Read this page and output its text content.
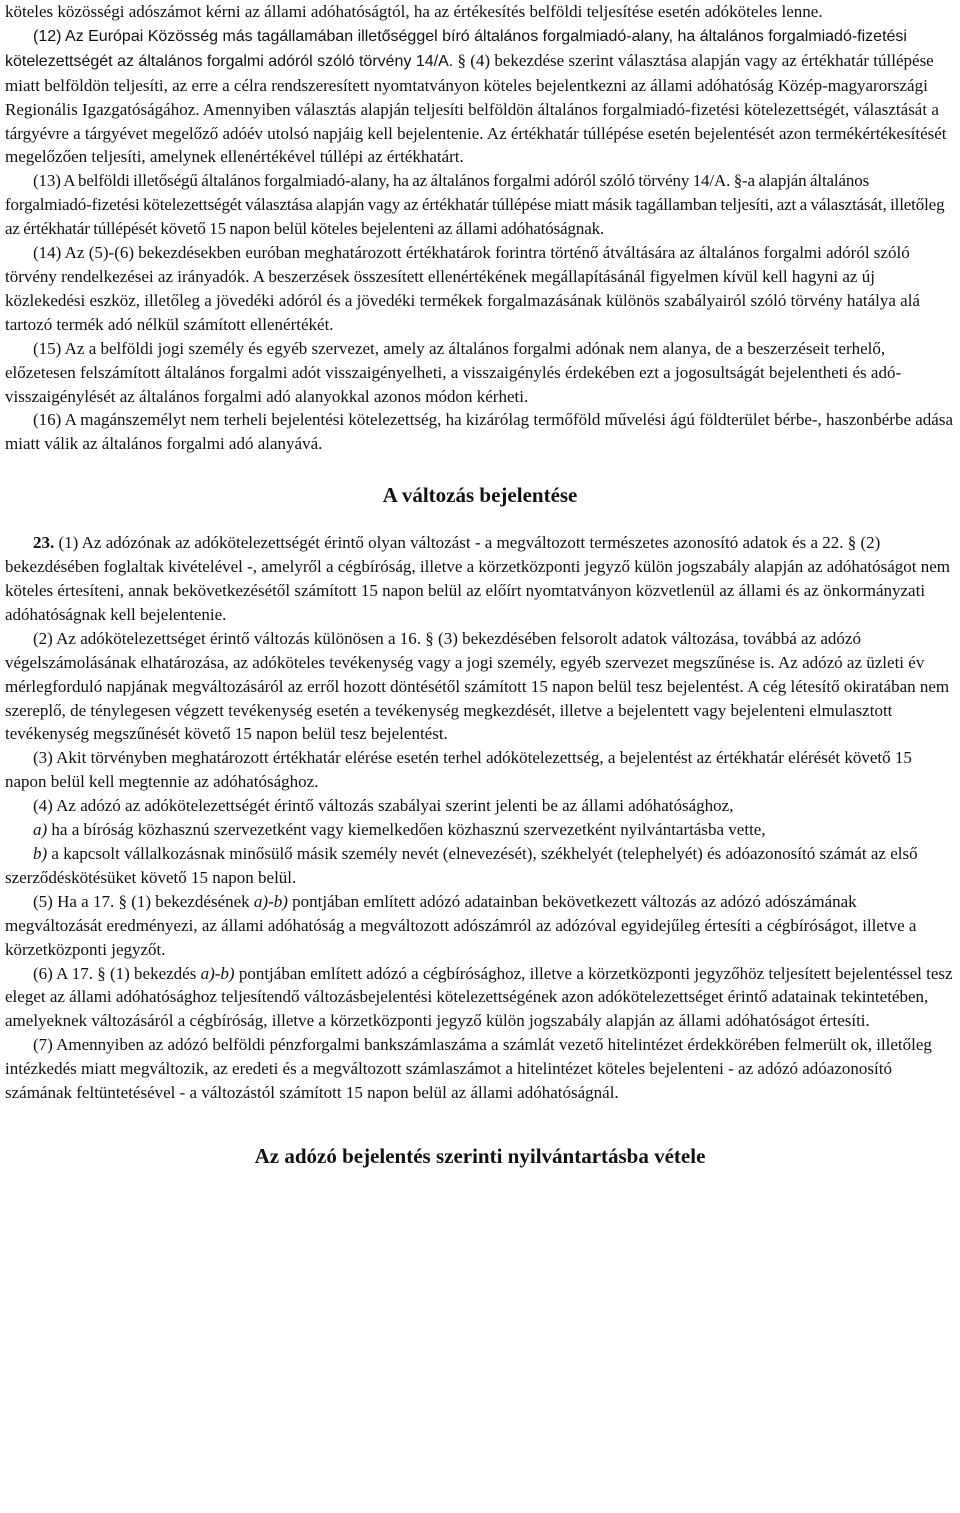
köteles közösségi adószámot kérni az állami adóhatóságtól, ha az értékesítés belföldi teljesítése esetén adóköteles lenne.

(12) Az Európai Közösség más tagállamában illetőséggel bíró általános forgalmiadó-alany, ha általános forgalmiadó-fizetési kötelezettségét az általános forgalmi adóról szóló törvény 14/A. § (4) bekezdése szerint választása alapján vagy az értékhatár túllépése miatt belföldön teljesíti, az erre a célra rendszeresített nyomtatványon köteles bejelentkezni az állami adóhatóság Közép-magyarországi Regionális Igazgatóságához. Amennyiben választás alapján teljesíti belföldön általános forgalmiadó-fizetési kötelezettségét, választását a tárgyévre a tárgyévet megelőző adóév utolsó napjáig kell bejelentenie. Az értékhatár túllépése esetén bejelentését azon termékértékesítését megelőzően teljesíti, amelynek ellenértékével túllépi az értékhatárt.

(13) A belföldi illetőségű általános forgalmiadó-alany, ha az általános forgalmi adóról szóló törvény 14/A. §-a alapján általános forgalmiadó-fizetési kötelezettségét választása alapján vagy az értékhatár túllépése miatt másik tagállamban teljesíti, azt a választását, illetőleg az értékhatár túllépését követő 15 napon belül köteles bejelenteni az állami adóhatóságnak.

(14) Az (5)-(6) bekezdésekben euróban meghatározott értékhatárok forintra történő átváltására az általános forgalmi adóról szóló törvény rendelkezései az irányadók. A beszerzések összesített ellenértékének megállapításánál figyelmen kívül kell hagyni az új közlekedési eszköz, illetőleg a jövedéki adóról és a jövedéki termékek forgalmazásának különös szabályairól szóló törvény hatálya alá tartozó termék adó nélkül számított ellenértékét.

(15) Az a belföldi jogi személy és egyéb szervezet, amely az általános forgalmi adónak nem alanya, de a beszerzéseit terhelő, előzetesen felszámított általános forgalmi adót visszaigényelheti, a visszaigénylés érdekében ezt a jogosultságát bejelentheti és adó-visszaigénylését az általános forgalmi adó alanyokkal azonos módon kérheti.

(16) A magánszemélyt nem terheli bejelentési kötelezettség, ha kizárólag termőföld művelési ágú földterület bérbe-, haszonbérbe adása miatt válik az általános forgalmi adó alanyává.

A változás bejelentése

23. (1) Az adózónak az adókötelezettségét érintő olyan változást - a megváltozott természetes azonosító adatok és a 22. § (2) bekezdésében foglaltak kivételével -, amelyről a cégbíróság, illetve a körzetközponti jegyző külön jogszabály alapján az adóhatóságot nem köteles értesíteni, annak bekövetkezésétől számított 15 napon belül az előírt nyomtatványon közvetlenül az állami és az önkormányzati adóhatóságnak kell bejelentenie.

(2) Az adókötelezettséget érintő változás különösen a 16. § (3) bekezdésében felsorolt adatok változása, továbbá az adózó végelszámolásának elhatározása, az adóköteles tevékenység vagy a jogi személy, egyéb szervezet megszűnése is. Az adózó az üzleti év mérlegforduló napjának megváltozásáról az erről hozott döntésétől számított 15 napon belül tesz bejelentést. A cég létesítő okiratában nem szereplő, de ténylegesen végzett tevékenység esetén a tevékenység megkezdését, illetve a bejelentett vagy bejelenteni elmulasztott tevékenység megszűnését követő 15 napon belül tesz bejelentést.

(3) Akit törvényben meghatározott értékhatár elérése esetén terhel adókötelezettség, a bejelentést az értékhatár elérését követő 15 napon belül kell megtennie az adóhatósághoz.

(4) Az adózó az adókötelezettségét érintő változás szabályai szerint jelenti be az állami adóhatósághoz,

a) ha a bíróság közhasznú szervezetként vagy kiemelkedően közhasznú szervezetként nyilvántartásba vette,

b) a kapcsolt vállalkozásnak minősülő másik személy nevét (elnevezését), székhelyét (telephelyét) és adóazonosító számát az első szerződéskötésüket követő 15 napon belül.

(5) Ha a 17. § (1) bekezdésének a)-b) pontjában említett adózó adatainban bekövetkezett változás az adózó adószámának megváltozását eredményezi, az állami adóhatóság a megváltozott adószámról az adózóval egyidejűleg értesíti a cégbíróságot, illetve a körzetközponti jegyzőt.

(6) A 17. § (1) bekezdés a)-b) pontjában említett adózó a cégbírósághoz, illetve a körzetközponti jegyzőhöz teljesített bejelentéssel tesz eleget az állami adóhatósághoz teljesítendő változásbejelentési kötelezettségének azon adókötelezettséget érintő adatainak tekintetében, amelyeknek változásáról a cégbíróság, illetve a körzetközponti jegyző külön jogszabály alapján az állami adóhatóságot értesíti.

(7) Amennyiben az adózó belföldi pénzforgalmi bankszámlaszáma a számlát vezető hitelintézet érdekkörében felmerült ok, illetőleg intézkedés miatt megváltozik, az eredeti és a megváltozott számlaszámot a hitelintézet köteles bejelenteni - az adózó adóazonosító számának feltüntetésével - a változástól számított 15 napon belül az állami adóhatóságnál.

Az adózó bejelentés szerinti nyilvántartásba vétele
